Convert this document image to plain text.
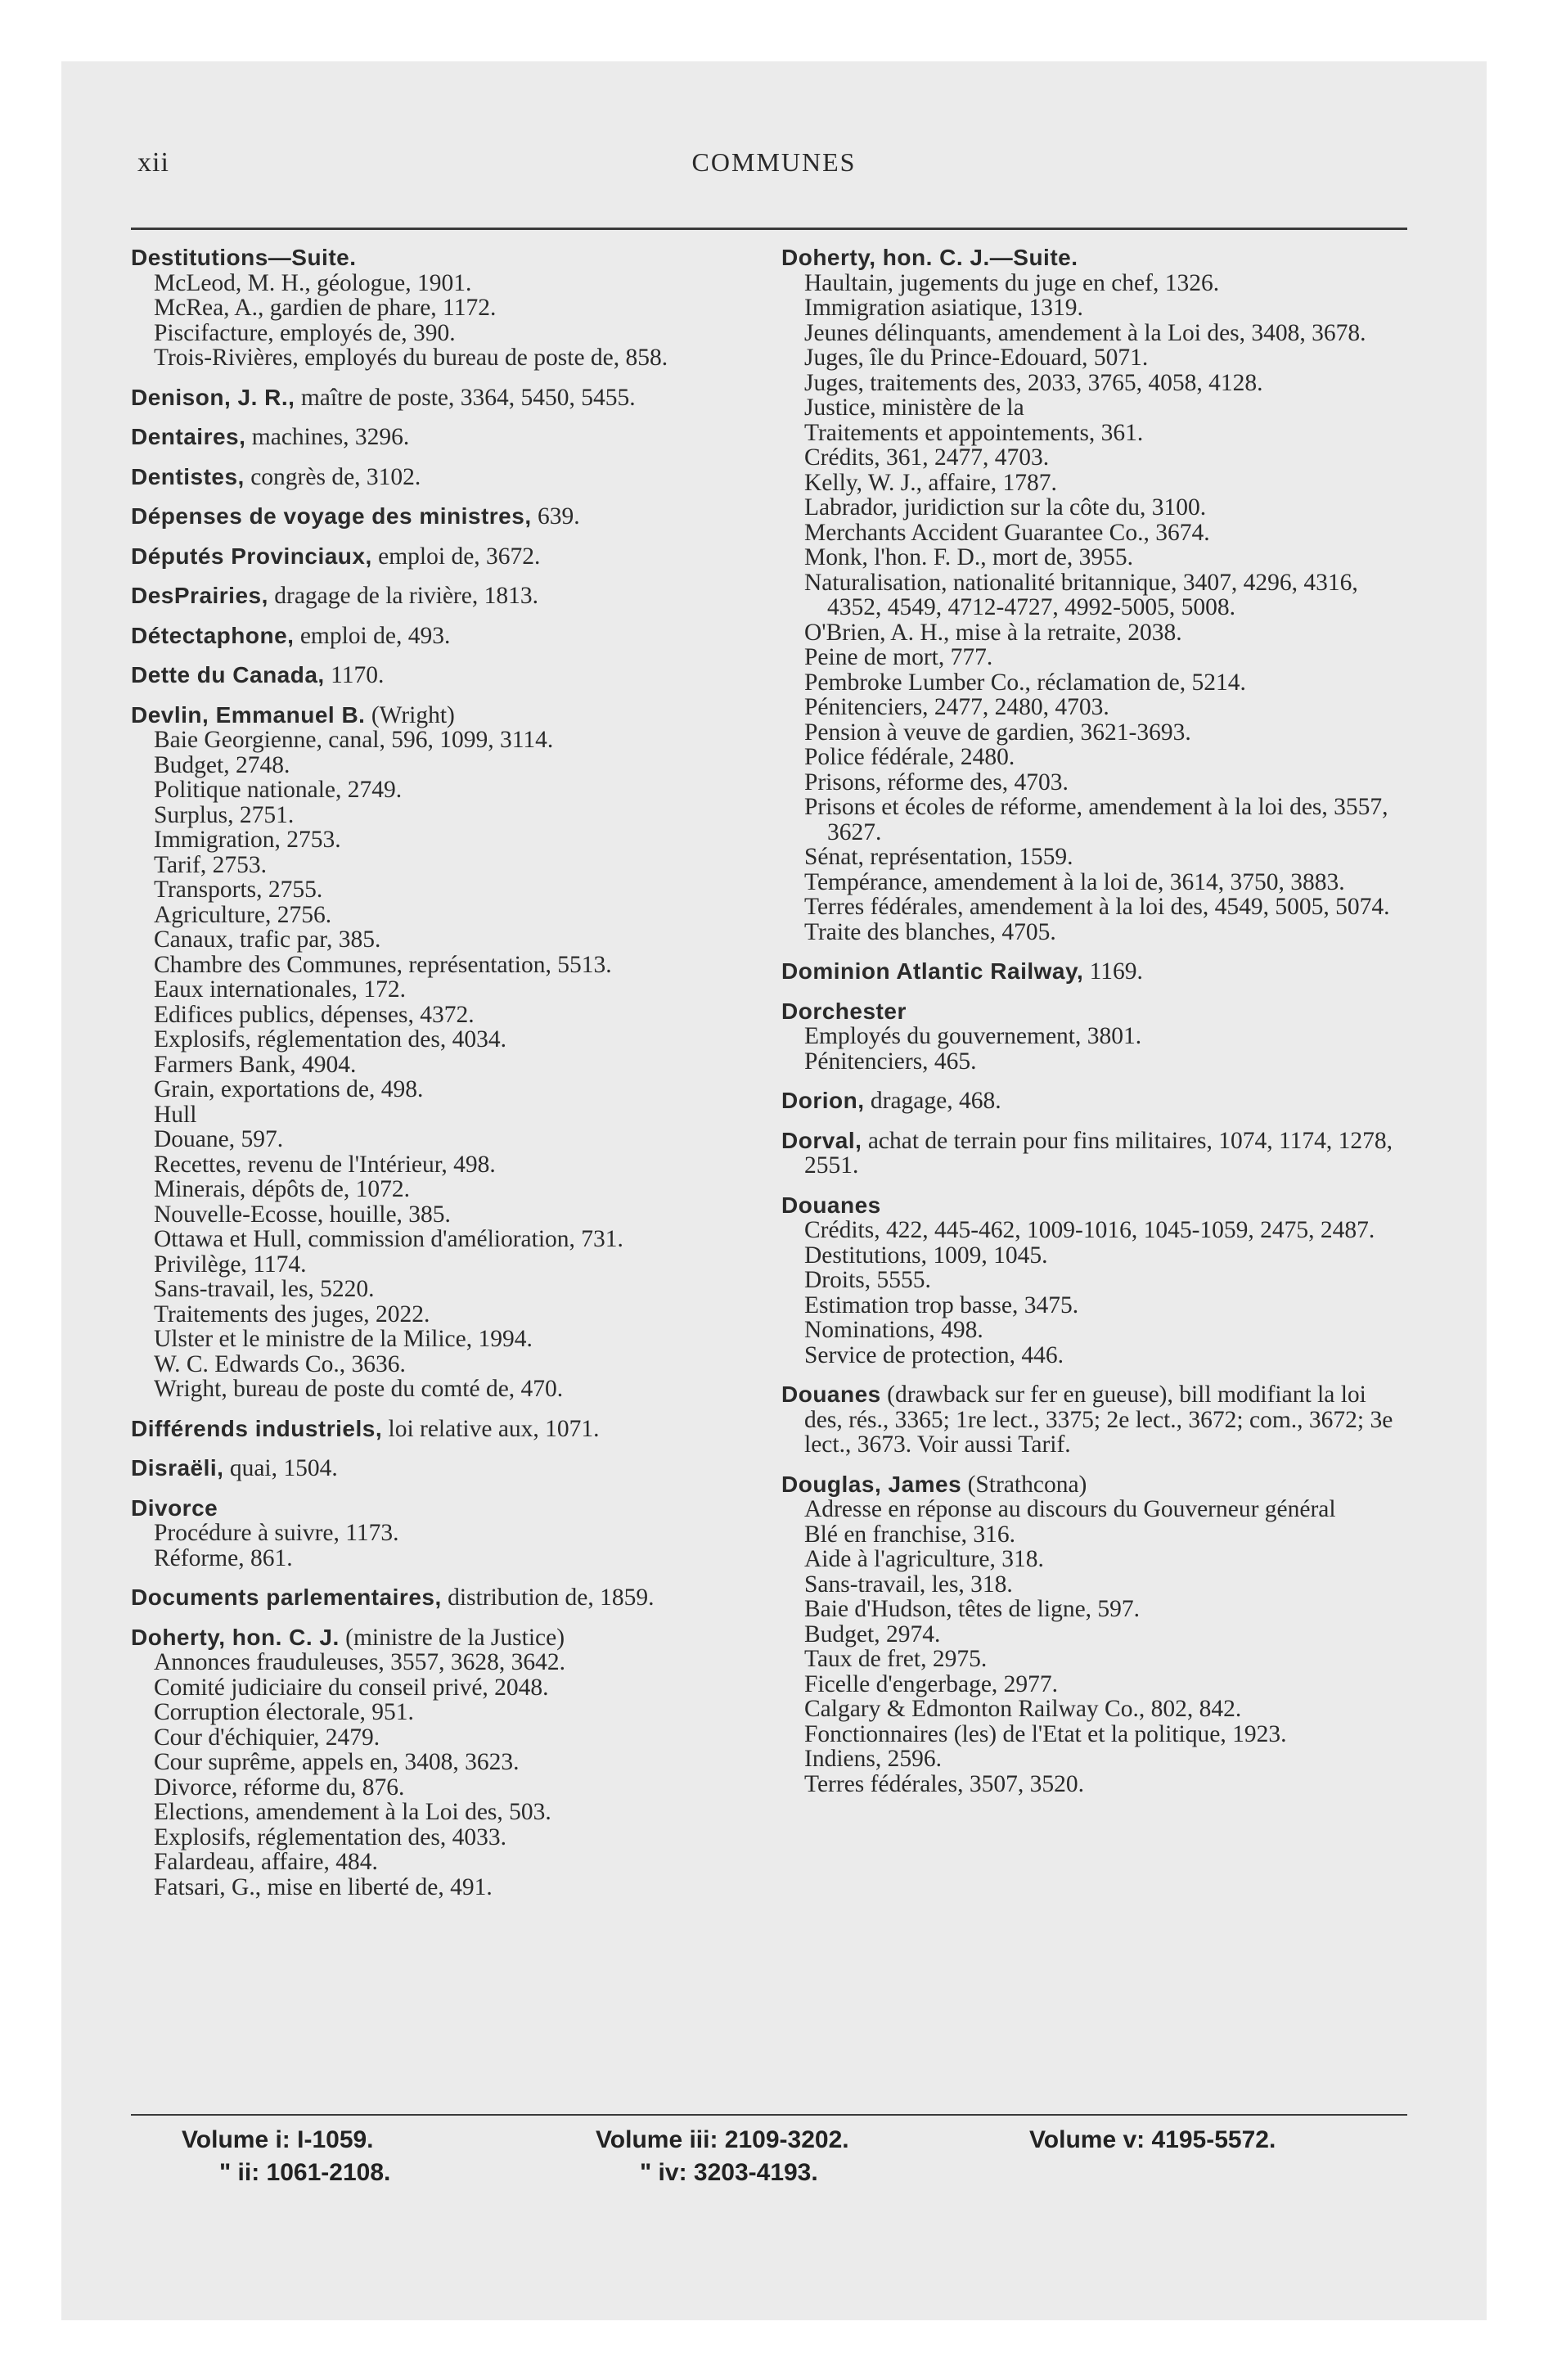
xii	COMMUNES
Destitutions—Suite.
McLeod, M. H., géologue, 1901.
McRea, A., gardien de phare, 1172.
Piscifacture, employés de, 390.
Trois-Rivières, employés du bureau de poste de, 858.
Denison, J. R., maître de poste, 3364, 5450, 5455.
Dentaires, machines, 3296.
Dentistes, congrès de, 3102.
Dépenses de voyage des ministres, 639.
Députés Provinciaux, emploi de, 3672.
DesPrairies, dragage de la rivière, 1813.
Détectaphone, emploi de, 493.
Dette du Canada, 1170.
Devlin, Emmanuel B. (Wright)
Baie Georgienne, canal, 596, 1099, 3114.
Budget, 2748.
Politique nationale, 2749.
Surplus, 2751.
Immigration, 2753.
Tarif, 2753.
Transports, 2755.
Agriculture, 2756.
Canaux, trafic par, 385.
Chambre des Communes, représentation, 5513.
Eaux internationales, 172.
Edifices publics, dépenses, 4372.
Explosifs, réglementation des, 4034.
Farmers Bank, 4904.
Grain, exportations de, 498.
Hull
Douane, 597.
Recettes, revenu de l'Intérieur, 498.
Minerais, dépôts de, 1072.
Nouvelle-Ecosse, houille, 385.
Ottawa et Hull, commission d'amélioration, 731.
Privilège, 1174.
Sans-travail, les, 5220.
Traitements des juges, 2022.
Ulster et le ministre de la Milice, 1994.
W. C. Edwards Co., 3636.
Wright, bureau de poste du comté de, 470.
Différends industriels, loi relative aux, 1071.
Disraëli, quai, 1504.
Divorce
Procédure à suivre, 1173.
Réforme, 861.
Documents parlementaires, distribution de, 1859.
Doherty, hon. C. J. (ministre de la Justice)
Annonces frauduleuses, 3557, 3628, 3642.
Comité judiciaire du conseil privé, 2048.
Corruption électorale, 951.
Cour d'échiquier, 2479.
Cour suprême, appels en, 3408, 3623.
Divorce, réforme du, 876.
Elections, amendement à la Loi des, 503.
Explosifs, réglementation des, 4033.
Falardeau, affaire, 484.
Fatsari, G., mise en liberté de, 491.
Doherty, hon. C. J.—Suite.
Haultain, jugements du juge en chef, 1326.
Immigration asiatique, 1319.
Jeunes délinquants, amendement à la Loi des, 3408, 3678.
Juges, île du Prince-Edouard, 5071.
Juges, traitements des, 2033, 3765, 4058, 4128.
Justice, ministère de la
Traitements et appointements, 361.
Crédits, 361, 2477, 4703.
Kelly, W. J., affaire, 1787.
Labrador, juridiction sur la côte du, 3100.
Merchants Accident Guarantee Co., 3674.
Monk, l'hon. F. D., mort de, 3955.
Naturalisation, nationalité britannique, 3407, 4296, 4316, 4352, 4549, 4712-4727, 4992-5005, 5008.
O'Brien, A. H., mise à la retraite, 2038.
Peine de mort, 777.
Pembroke Lumber Co., réclamation de, 5214.
Pénitenciers, 2477, 2480, 4703.
Pension à veuve de gardien, 3621-3693.
Police fédérale, 2480.
Prisons, réforme des, 4703.
Prisons et écoles de réforme, amendement à la loi des, 3557, 3627.
Sénat, représentation, 1559.
Tempérance, amendement à la loi de, 3614, 3750, 3883.
Terres fédérales, amendement à la loi des, 4549, 5005, 5074.
Traite des blanches, 4705.
Dominion Atlantic Railway, 1169.
Dorchester
Employés du gouvernement, 3801.
Pénitenciers, 465.
Dorion, dragage, 468.
Dorval, achat de terrain pour fins militaires, 1074, 1174, 1278, 2551.
Douanes
Crédits, 422, 445-462, 1009-1016, 1045-1059, 2475, 2487.
Destitutions, 1009, 1045.
Droits, 5555.
Estimation trop basse, 3475.
Nominations, 498.
Service de protection, 446.
Douanes (drawback sur fer en gueuse), bill modifiant la loi des, rés., 3365; 1re lect., 3375; 2e lect., 3672; com., 3672; 3e lect., 3673. Voir aussi Tarif.
Douglas, James (Strathcona)
Adresse en réponse au discours du Gouverneur général
Blé en franchise, 316.
Aide à l'agriculture, 318.
Sans-travail, les, 318.
Baie d'Hudson, têtes de ligne, 597.
Budget, 2974.
Taux de fret, 2975.
Ficelle d'engerbage, 2977.
Calgary & Edmonton Railway Co., 802, 842.
Fonctionnaires (les) de l'Etat et la politique, 1923.
Indiens, 2596.
Terres fédérales, 3507, 3520.
Volume i: I-1059.
" ii: 1061-2108.
Volume iii: 2109-3202.
" iv: 3203-4193.
Volume v: 4195-5572.
